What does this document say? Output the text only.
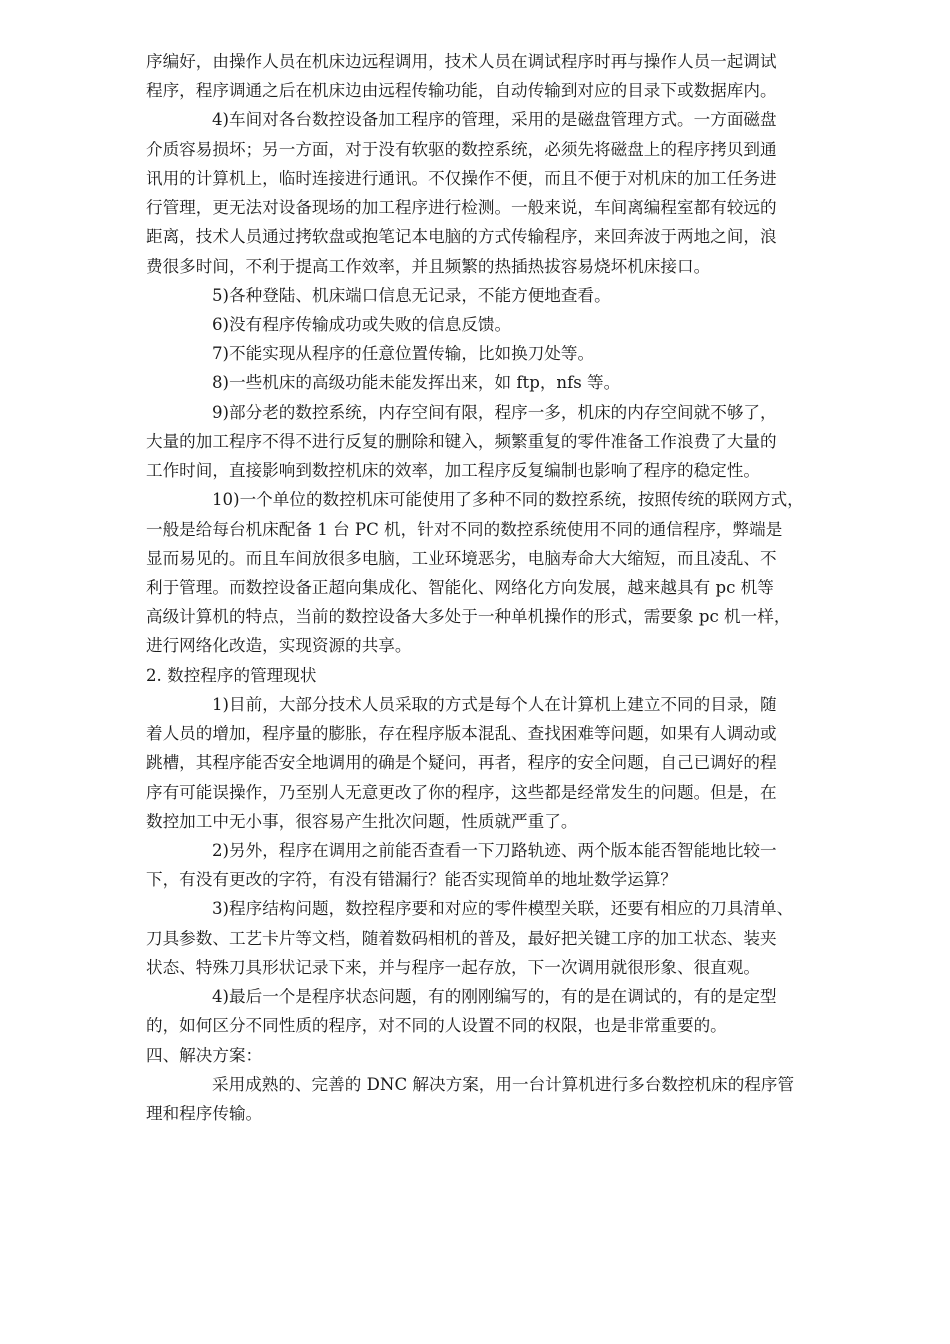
序编好，由操作人员在机床边远程调用，技术人员在调试程序时再与操作人员一起调试
程序，程序调通之后在机床边由远程传输功能，自动传输到对应的目录下或数据库内。
4)车间对各台数控设备加工程序的管理，采用的是磁盘管理方式。一方面磁盘
介质容易损坏；另一方面，对于没有软驱的数控系统，必须先将磁盘上的程序拷贝到通
讯用的计算机上，临时连接进行通讯。不仅操作不便，而且不便于对机床的加工任务进
行管理，更无法对设备现场的加工程序进行检测。一般来说，车间离编程室都有较远的
距离，技术人员通过拷软盘或抱笔记本电脑的方式传输程序，来回奔波于两地之间，浪
费很多时间，不利于提高工作效率，并且频繁的热插热拔容易烧坏机床接口。
5)各种登陆、机床端口信息无记录，不能方便地查看。
6)没有程序传输成功或失败的信息反馈。
7)不能实现从程序的任意位置传输，比如换刀处等。
8)一些机床的高级功能未能发挥出来，如 ftp，nfs 等。
9)部分老的数控系统，内存空间有限，程序一多，机床的内存空间就不够了，
大量的加工程序不得不进行反复的删除和键入，频繁重复的零件准备工作浪费了大量的
工作时间，直接影响到数控机床的效率，加工程序反复编制也影响了程序的稳定性。
10)一个单位的数控机床可能使用了多种不同的数控系统，按照传统的联网方式，
一般是给每台机床配备 1 台 PC 机，针对不同的数控系统使用不同的通信程序，弊端是
显而易见的。而且车间放很多电脑，工业环境恶劣，电脑寿命大大缩短，而且凌乱、不
利于管理。而数控设备正超向集成化、智能化、网络化方向发展，越来越具有 pc 机等
高级计算机的特点，当前的数控设备大多处于一种单机操作的形式，需要象 pc 机一样，
进行网络化改造，实现资源的共享。
2. 数控程序的管理现状
1)目前，大部分技术人员采取的方式是每个人在计算机上建立不同的目录，随
着人员的增加，程序量的膨胀，存在程序版本混乱、查找困难等问题，如果有人调动或
跳槽，其程序能否安全地调用的确是个疑问，再者，程序的安全问题，自己已调好的程
序有可能误操作，乃至别人无意更改了你的程序，这些都是经常发生的问题。但是，在
数控加工中无小事，很容易产生批次问题，性质就严重了。
2)另外，程序在调用之前能否查看一下刀路轨迹、两个版本能否智能地比较一
下，有没有更改的字符，有没有错漏行？能否实现简单的地址数学运算？
3)程序结构问题，数控程序要和对应的零件模型关联，还要有相应的刀具清单、
刀具参数、工艺卡片等文档，随着数码相机的普及，最好把关键工序的加工状态、装夹
状态、特殊刀具形状记录下来，并与程序一起存放，下一次调用就很形象、很直观。
4)最后一个是程序状态问题，有的刚刚编写的，有的是在调试的，有的是定型
的，如何区分不同性质的程序，对不同的人设置不同的权限，也是非常重要的。
四、解决方案：
采用成熟的、完善的 DNC 解决方案，用一台计算机进行多台数控机床的程序管
理和程序传输。
